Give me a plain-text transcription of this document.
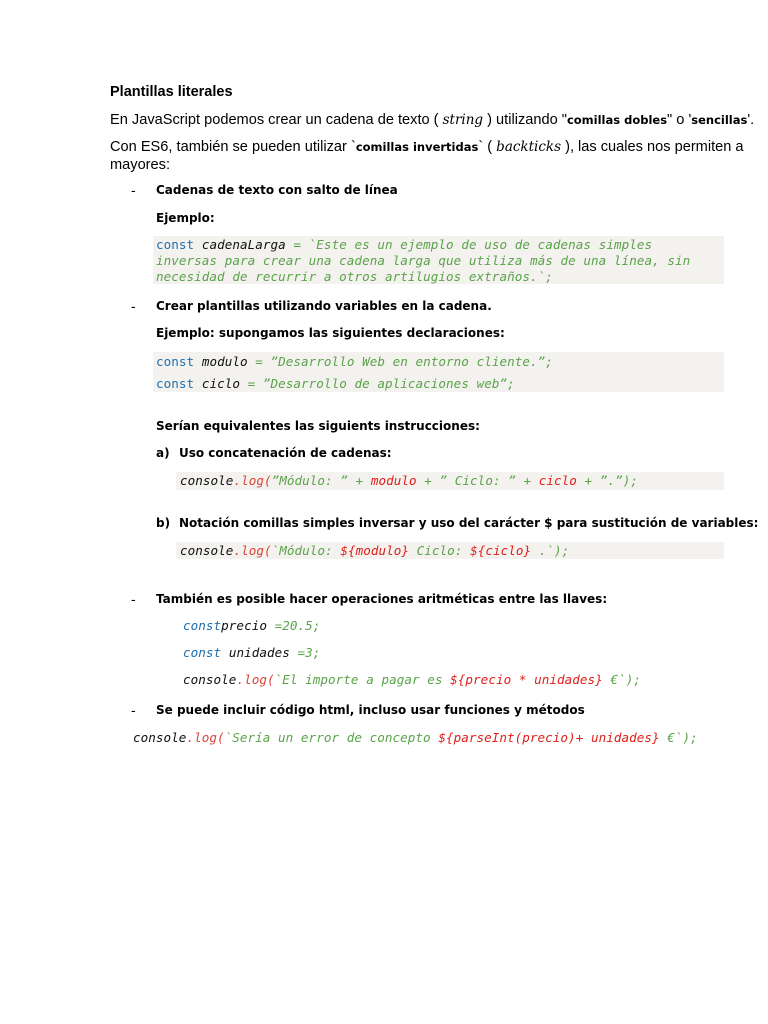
Plantillas literales
En JavaScript podemos crear un cadena de texto ( string ) utilizando "comillas dobles" o 'sencillas'.
Con ES6, también se pueden utilizar `comillas invertidas` ( backticks ), las cuales nos permiten a
mayores:
- Cadenas de texto con salto de línea
Ejemplo:
const cadenaLarga = `Este es un ejemplo de uso de cadenas simples
inversas para crear una cadena larga que utiliza más de una línea, sin
necesidad de recurrir a otros artilugios extraños.`;
- Crear plantillas utilizando variables en la cadena.
Ejemplo: supongamos las siguientes declaraciones:
const modulo = ”Desarrollo Web en entorno cliente.”;
const ciclo = ”Desarrollo de aplicaciones web”;
Serían equivalentes las siguients instrucciones:
a) Uso concatenación de cadenas:
console.log(”Módulo: ” + modulo + ” Ciclo: ” + ciclo + ”.”);
b) Notación comillas simples inversar y uso del carácter $ para sustitución de variables:
console.log(`Módulo: ${modulo} Ciclo: ${ciclo} .`);
- También es posible hacer operaciones aritméticas entre las llaves:
constprecio =20.5;
const unidades =3;
console.log(`El importe a pagar es ${precio * unidades} €`);
- Se puede incluir código html, incluso usar funciones y métodos
console.log(`Sería un error de concepto ${parseInt(precio)+ unidades} €`);
